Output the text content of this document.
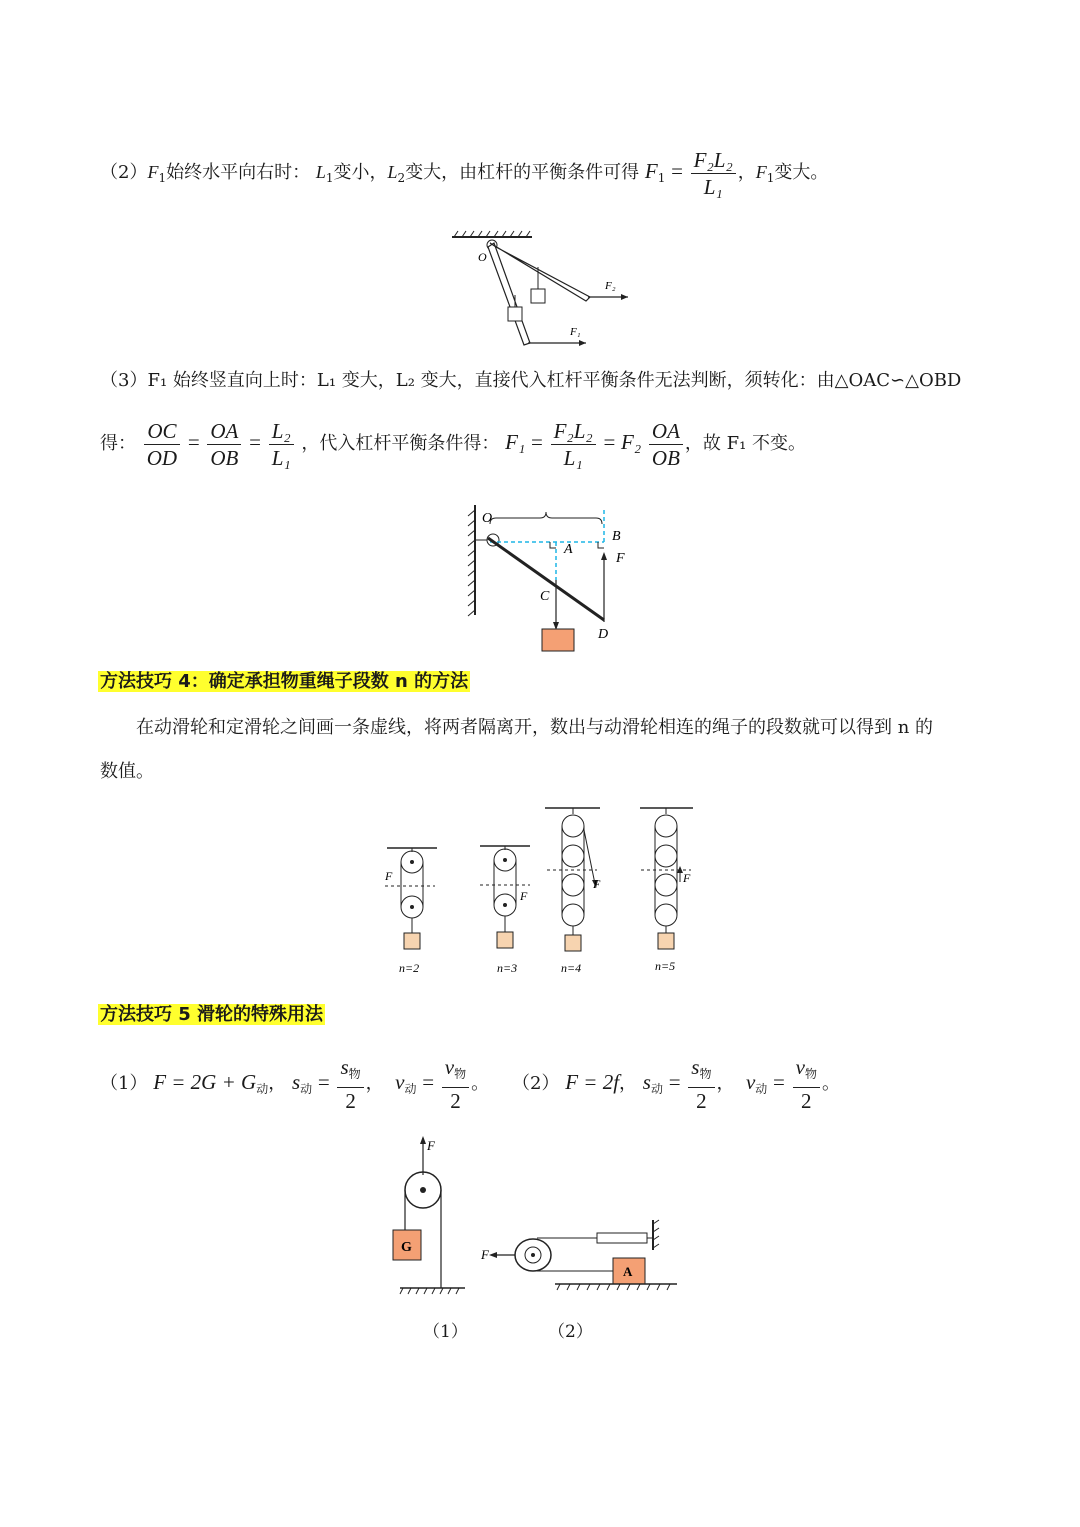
$(2)F_1$始终水平向右时： $L_1$变小，$L_2$变大，由杠杆的平衡条件可得 $F_1 = \frac{\text{F₂L₂}}{\text{L₁}}$ ，$F_1$变大。
O
F₂
F₁
（3）F₁ 始终竖直向上时：L₁ 变大，L₂ 变大，直接代入杠杆平衡条件无法判断，须转化：由△OAC∽△OBD
得： $\frac{OC}{OD} = \frac{OA}{OB} = \frac{\text{L₂}}{\text{L₁}}$ ，代入杠杆平衡条件得： $F_1 = \frac{\text{F₂L₂}}{\text{L₁}} = F_2 \frac{OA}{OB}$ ，故 F₁ 不变。
O
A
B
C
D
F
方法技巧 4：确定承担物重绳子段数 n 的方法
在动滑轮和定滑轮之间画一条虚线，将两者隔离开，数出与动滑轮相连的绳子的段数就可以得到 n 的
数值。
F
n=2
F
n=3
F
n=4
F
n=5
方法技巧 5 滑轮的特殊用法
（1） $F = 2G + G_动$， $s_动 = \frac{s_物}{2}$ ， $v_动 = \frac{v_物}{2}$ 。 （2） F = 2f， $s_动 = \frac{s_物}{2}$ ， $v_动 = \frac{v_物}{2}$ 。
F
G	F
A
（1）	（2）
